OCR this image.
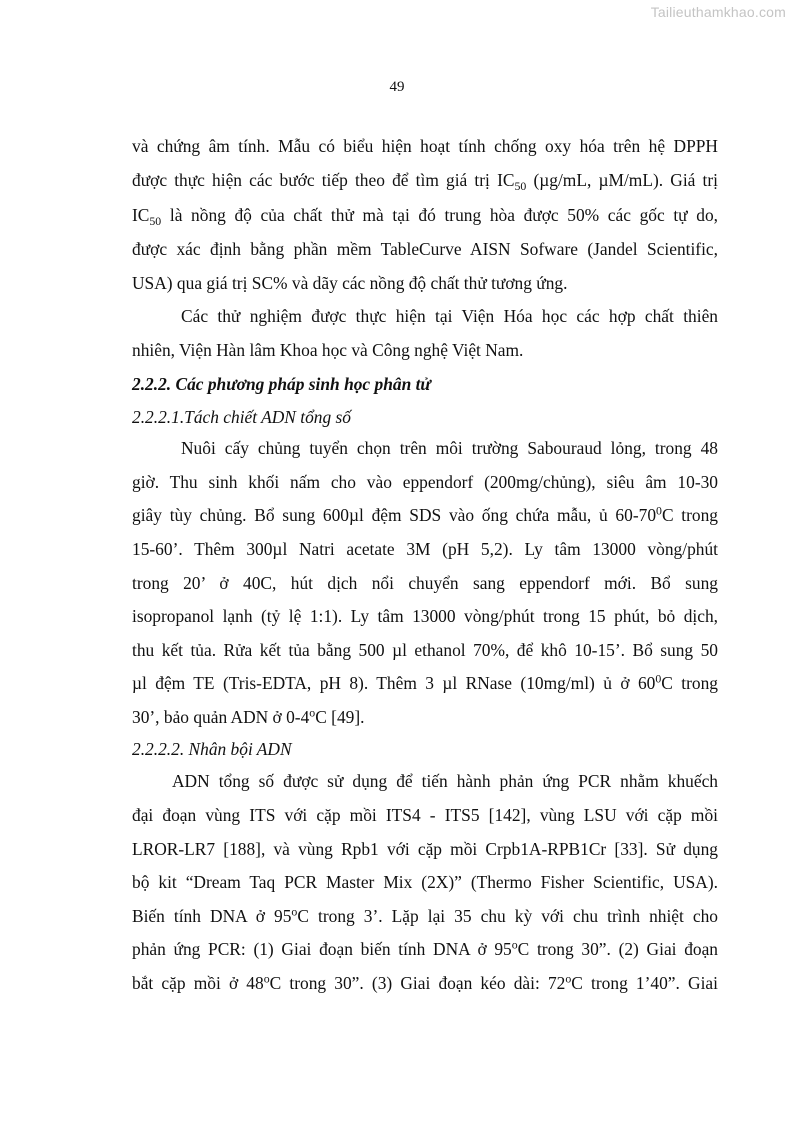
Tailieuthamkhao.com
49
và chứng âm tính. Mẫu có biểu hiện hoạt tính chống oxy hóa trên hệ DPPH
được thực hiện các bước tiếp theo để tìm giá trị $IC_{50}$ (µg/mL, µM/mL). Giá trị
$IC_{50}$ là nồng độ của chất thử mà tại đó trung hòa được 50% các gốc tự do,
được xác định bằng phần mềm TableCurve AISN Sofware (Jandel Scientific,
USA) qua giá trị SC% và dãy các nồng độ chất thử tương ứng.
Các thử nghiệm được thực hiện tại Viện Hóa học các hợp chất thiên
nhiên, Viện Hàn lâm Khoa học và Công nghệ Việt Nam.
2.2.2. Các phương pháp sinh học phân tử
2.2.2.1.Tách chiết ADN tổng số
Nuôi cấy chủng tuyển chọn trên môi trường Sabouraud lỏng, trong 48
giờ. Thu sinh khối nấm cho vào eppendorf (200mg/chủng), siêu âm 10-30
giây tùy chủng. Bổ sung 600µl đệm SDS vào ống chứa mẫu, ủ $60-70^0C$ trong
15-60’. Thêm 300µl Natri acetate 3M (pH 5,2). Ly tâm 13000 vòng/phút
trong 20’ ở 40C, hút dịch nổi chuyển sang eppendorf mới. Bổ sung
isopropanol lạnh (tỷ lệ 1:1). Ly tâm 13000 vòng/phút trong 15 phút, bỏ dịch,
thu kết tủa. Rửa kết tủa bằng 500 µl ethanol 70%, để khô 10-15’. Bổ sung 50
µl đệm TE (Tris-EDTA, pH 8). Thêm 3 µl RNase (10mg/ml) ủ ở $60^0C$ trong
30’, bảo quản ADN ở 0-4$^o$C [49].
2.2.2.2. Nhân bội ADN
ADN tổng số được sử dụng để tiến hành phản ứng PCR nhằm khuếch
đại đoạn vùng ITS với cặp mồi ITS4 - ITS5 [142], vùng LSU với cặp mồi
LROR-LR7 [188], và vùng Rpb1 với cặp mồi Crpb1A-RPB1Cr [33]. Sử dụng
bộ kit “Dream Taq PCR Master Mix (2X)” (Thermo Fisher Scientific, USA).
Biến tính DNA ở 95$^o$C trong 3’. Lặp lại 35 chu kỳ với chu trình nhiệt cho
phản ứng PCR: (1) Giai đoạn biến tính DNA ở 95$^o$C trong 30”. (2) Giai đoạn
bắt cặp mồi ở 48$^o$C trong 30”. (3) Giai đoạn kéo dài: 72$^o$C trong 1’40”. Giai
